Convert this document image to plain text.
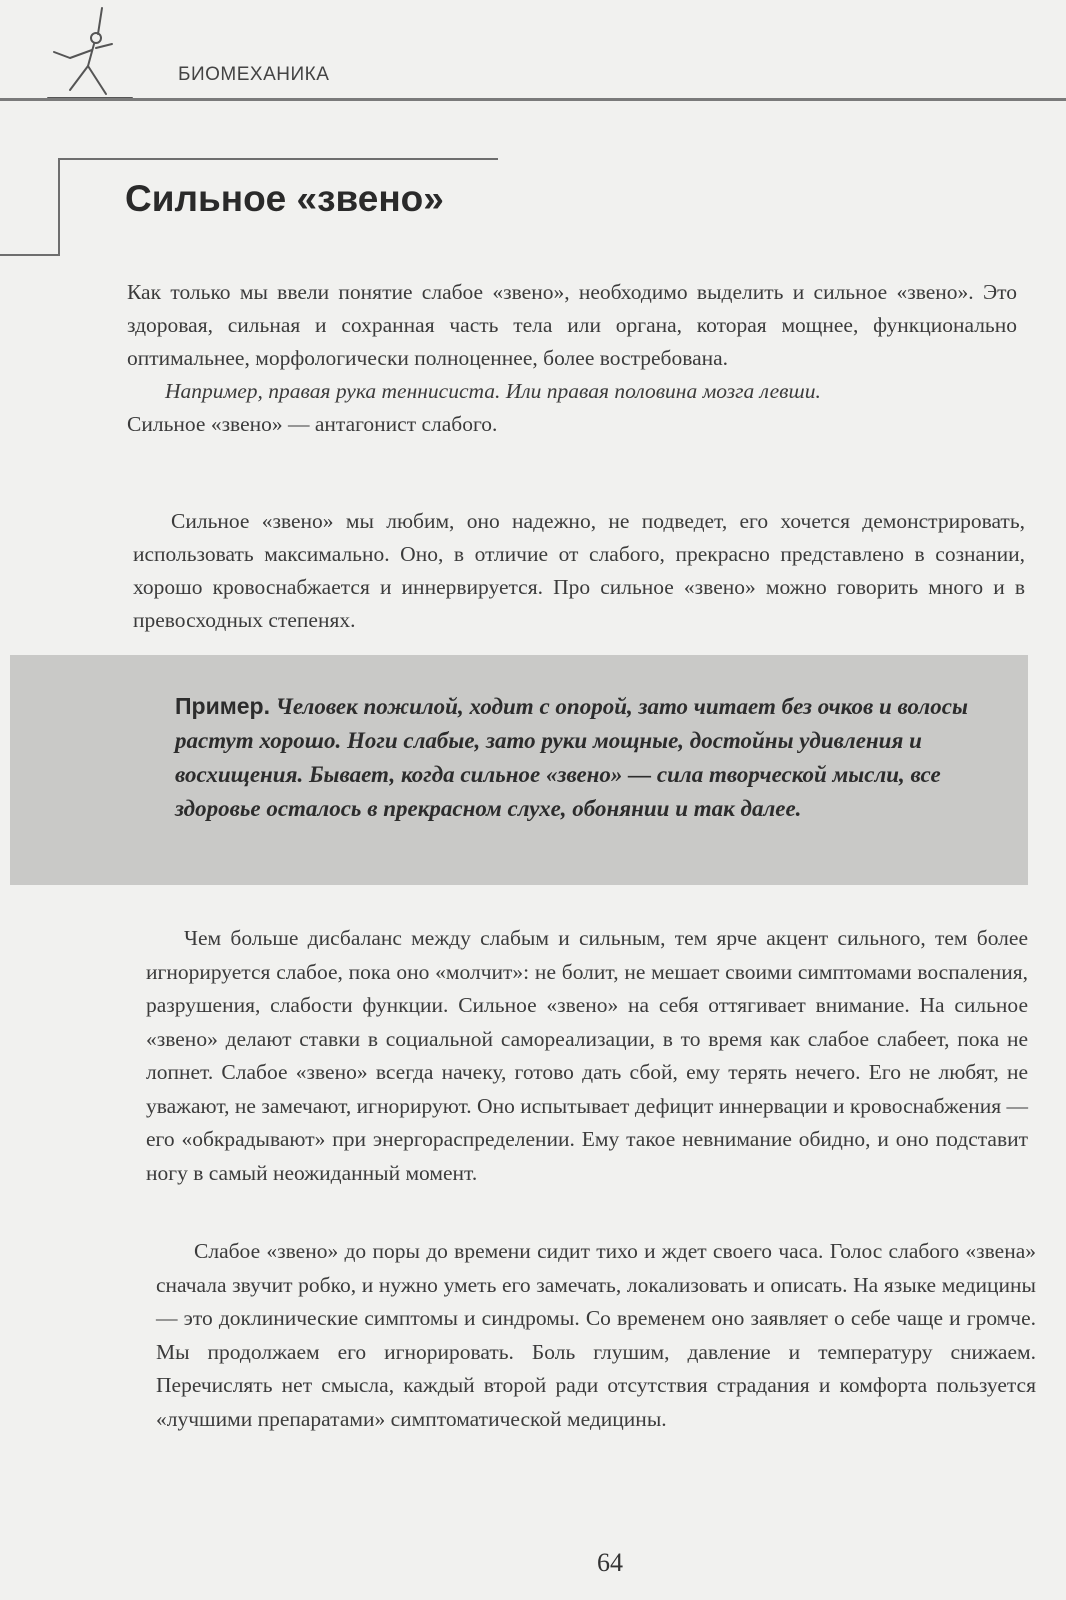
БИОМЕХАНИКА
Сильное «звено»

Как только мы ввели понятие слабое «звено», необходимо выделить и сильное «звено». Это здоровая, сильная и сохранная часть тела или органа, которая мощнее, функционально оптимальнее, морфологически полноценнее, более востребована.

Например, правая рука теннисиста. Или правая половина мозга левши.

Сильное «звено» — антагонист слабого.

Сильное «звено» мы любим, оно надежно, не подведет, его хочется демонстрировать, использовать максимально. Оно, в отличие от слабого, прекрасно представлено в сознании, хорошо кровоснабжается и иннервируется. Про сильное «звено» можно говорить много и в превосходных степенях.

Пример. Человек пожилой, ходит с опорой, зато читает без очков и волосы растут хорошо. Ноги слабые, зато руки мощные, достойны удивления и восхищения. Бывает, когда сильное «звено» — сила творческой мысли, все здоровье осталось в прекрасном слухе, обонянии и так далее.

Чем больше дисбаланс между слабым и сильным, тем ярче акцент сильного, тем более игнорируется слабое, пока оно «молчит»: не болит, не мешает своими симптомами воспаления, разрушения, слабости функции. Сильное «звено» на себя оттягивает внимание. На сильное «звено» делают ставки в социальной самореализации, в то время как слабое слабеет, пока не лопнет. Слабое «звено» всегда начеку, готово дать сбой, ему терять нечего. Его не любят, не уважают, не замечают, игнорируют. Оно испытывает дефицит иннервации и кровоснабжения — его «обкрадывают» при энергораспределении. Ему такое невнимание обидно, и оно подставит ногу в самый неожиданный момент.

Слабое «звено» до поры до времени сидит тихо и ждет своего часа. Голос слабого «звена» сначала звучит робко, и нужно уметь его замечать, локализовать и описать. На языке медицины — это доклинические симптомы и синдромы. Со временем оно заявляет о себе чаще и громче. Мы продолжаем его игнорировать. Боль глушим, давление и температуру снижаем. Перечислять нет смысла, каждый второй ради отсутствия страдания и комфорта пользуется «лучшими препаратами» симптоматической медицины.

64
